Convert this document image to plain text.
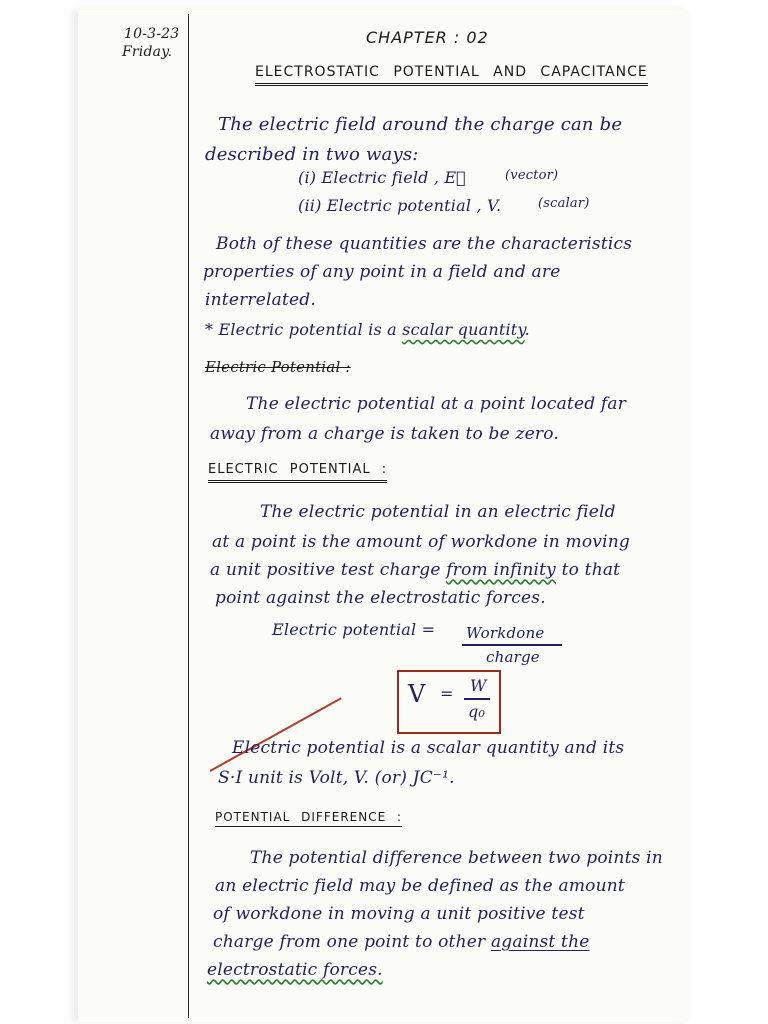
10-3-23
Friday.
CHAPTER : 02
ELECTROSTATIC POTENTIAL AND CAPACITANCE
The electric field around the charge can be
described in two ways:
(i) Electric field , E⃗	(vector)
(ii) Electric potential , V.	(scalar)
Both of these quantities are the characteristics
properties of any point in a field and are
interrelated.
* Electric potential is a scalar quantity.
Electric Potential :
The electric potential at a point located far
away from a charge is taken to be zero.
ELECTRIC POTENTIAL :
The electric potential in an electric field
at a point is the amount of workdone in moving
a unit positive test charge from infinity to that
point against the electrostatic forces.
Electric potential = Workdone
charge
V = W
q₀
Electric potential is a scalar quantity and its
S·I unit is Volt, V. (or) JC⁻¹.
POTENTIAL DIFFERENCE :
The potential difference between two points in
an electric field may be defined as the amount
of workdone in moving a unit positive test
charge from one point to other against the
electrostatic forces.
